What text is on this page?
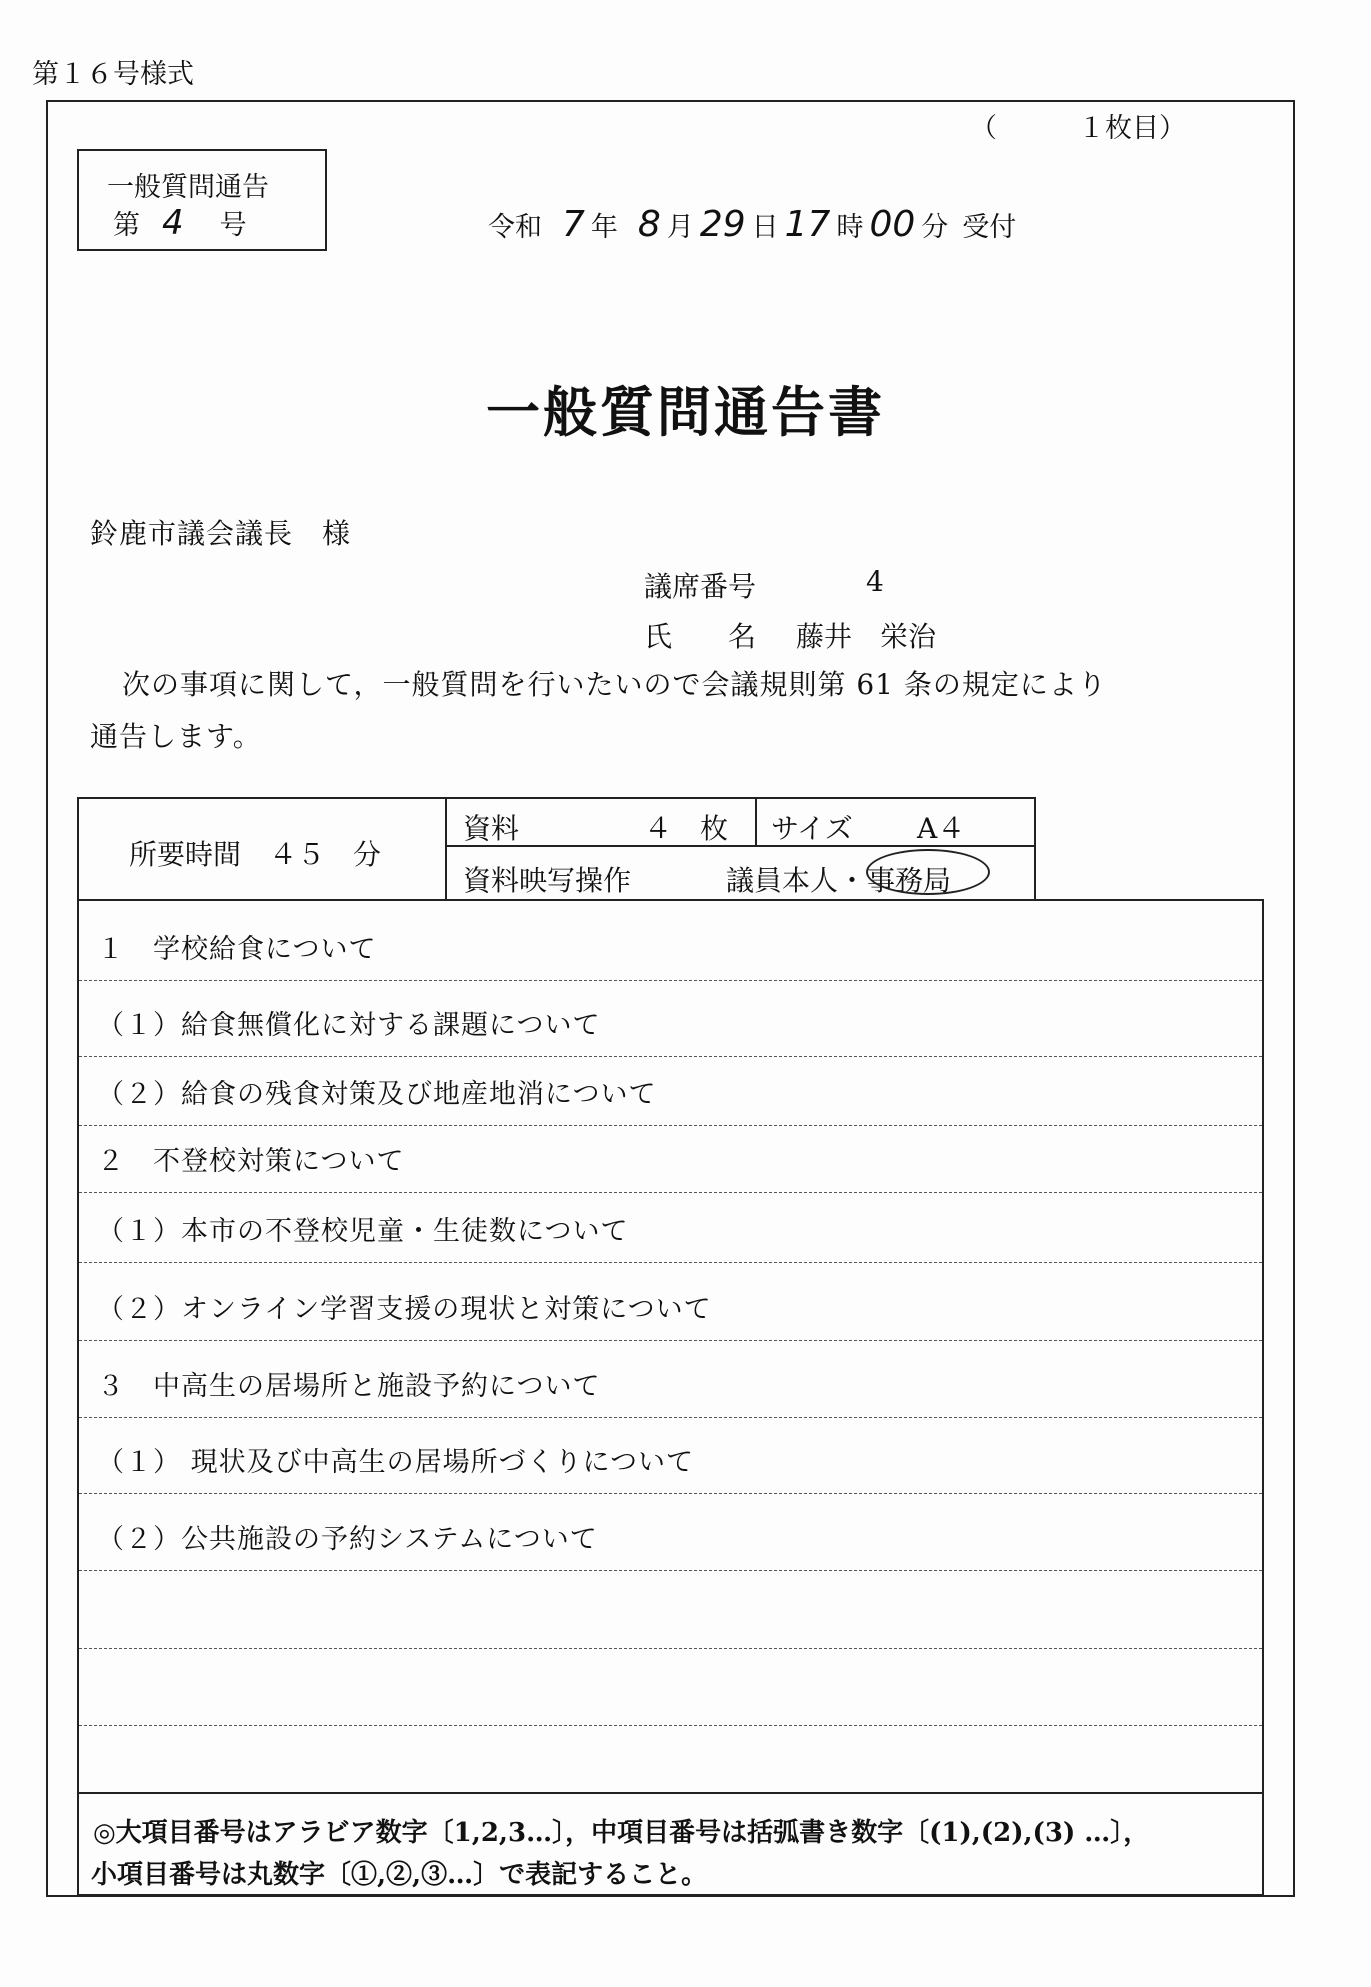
第１６号様式
（　　　１枚目）
一般質問通告
第 4 号	令和 7 年 8 月 29 日 17 時 00 分 受付
一般質問通告書
鈴鹿市議会議長　様
議席番号	4
氏　　名 藤井　栄治
次の事項に関して，一般質問を行いたいので会議規則第 61 条の規定により
通告します。
所要時間　４５　分
資料	４　枚 サイズ A４
資料映写操作	議員本人・ 事務局
１　学校給食について
（１）給食無償化に対する課題について
（２）給食の残食対策及び地産地消について
２　不登校対策について
（１）本市の不登校児童・生徒数について
（２）オンライン学習支援の現状と対策について
３　中高生の居場所と施設予約について
（１） 現状及び中高生の居場所づくりについて
（２）公共施設の予約システムについて
◎大項目番号はアラビア数字〔1,2,3…〕，中項目番号は括弧書き数字〔(1),(2),(3) …〕，
小項目番号は丸数字〔①,②,③…〕で表記すること。
